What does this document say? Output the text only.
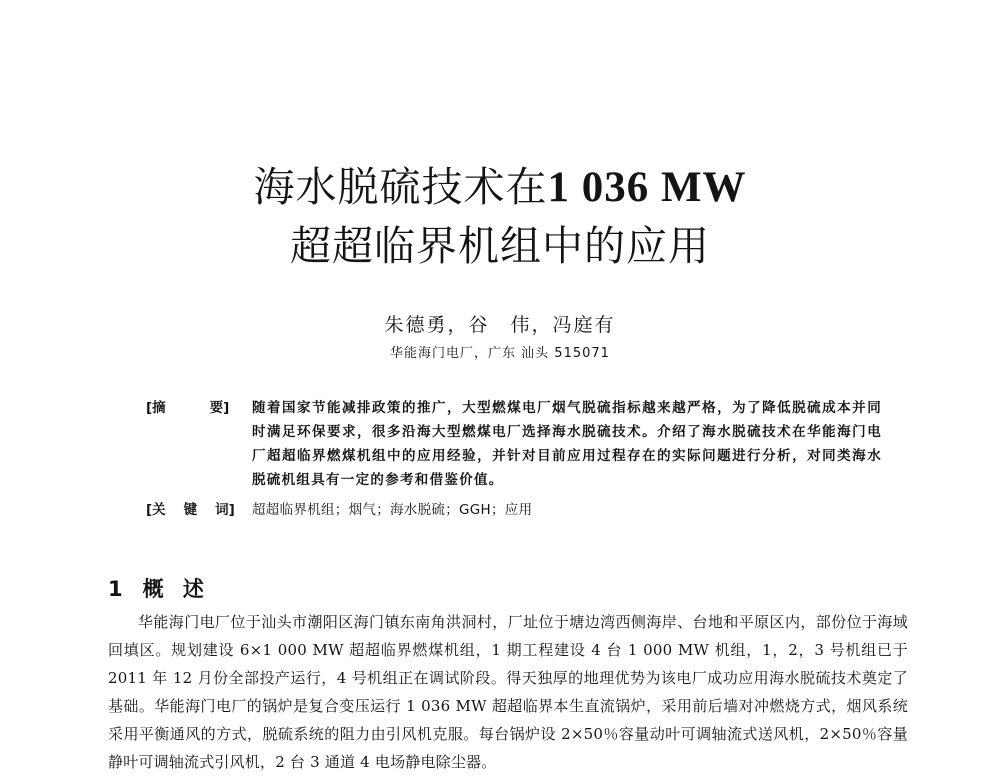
海水脱硫技术在1 036 MW
超超临界机组中的应用
朱德勇，谷　伟，冯庭有
华能海门电厂，广东 汕头 515071
[摘	要]	随着国家节能减排政策的推广，大型燃煤电厂烟气脱硫指标越来越严格，为了降低脱硫成本并同时满足环保要求，很多沿海大型燃煤电厂选择海水脱硫技术。介绍了海水脱硫技术在华能海门电厂超超临界燃煤机组中的应用经验，并针对目前应用过程存在的实际问题进行分析，对同类海水脱硫机组具有一定的参考和借鉴价值。
[关 键 词]	超超临界机组；烟气；海水脱硫；GGH；应用
1 概 述

华能海门电厂位于汕头市潮阳区海门镇东南角洪洞村，厂址位于塘边湾西侧海岸、台地和平原区内，部份位于海域回填区。规划建设 6×1 000 MW 超超临界燃煤机组，1 期工程建设 4 台 1 000 MW 机组，1，2，3 号机组已于 2011 年 12 月份全部投产运行，4 号机组正在调试阶段。得天独厚的地理优势为该电厂成功应用海水脱硫技术奠定了基础。华能海门电厂的锅炉是复合变压运行 1 036 MW 超超临界本生直流锅炉，采用前后墙对冲燃烧方式，烟风系统采用平衡通风的方式，脱硫系统的阻力由引风机克服。每台锅炉设 2×50％容量动叶可调轴流式送风机，2×50％容量静叶可调轴流式引风机，2 台 3 通道 4 电场静电除尘器。
